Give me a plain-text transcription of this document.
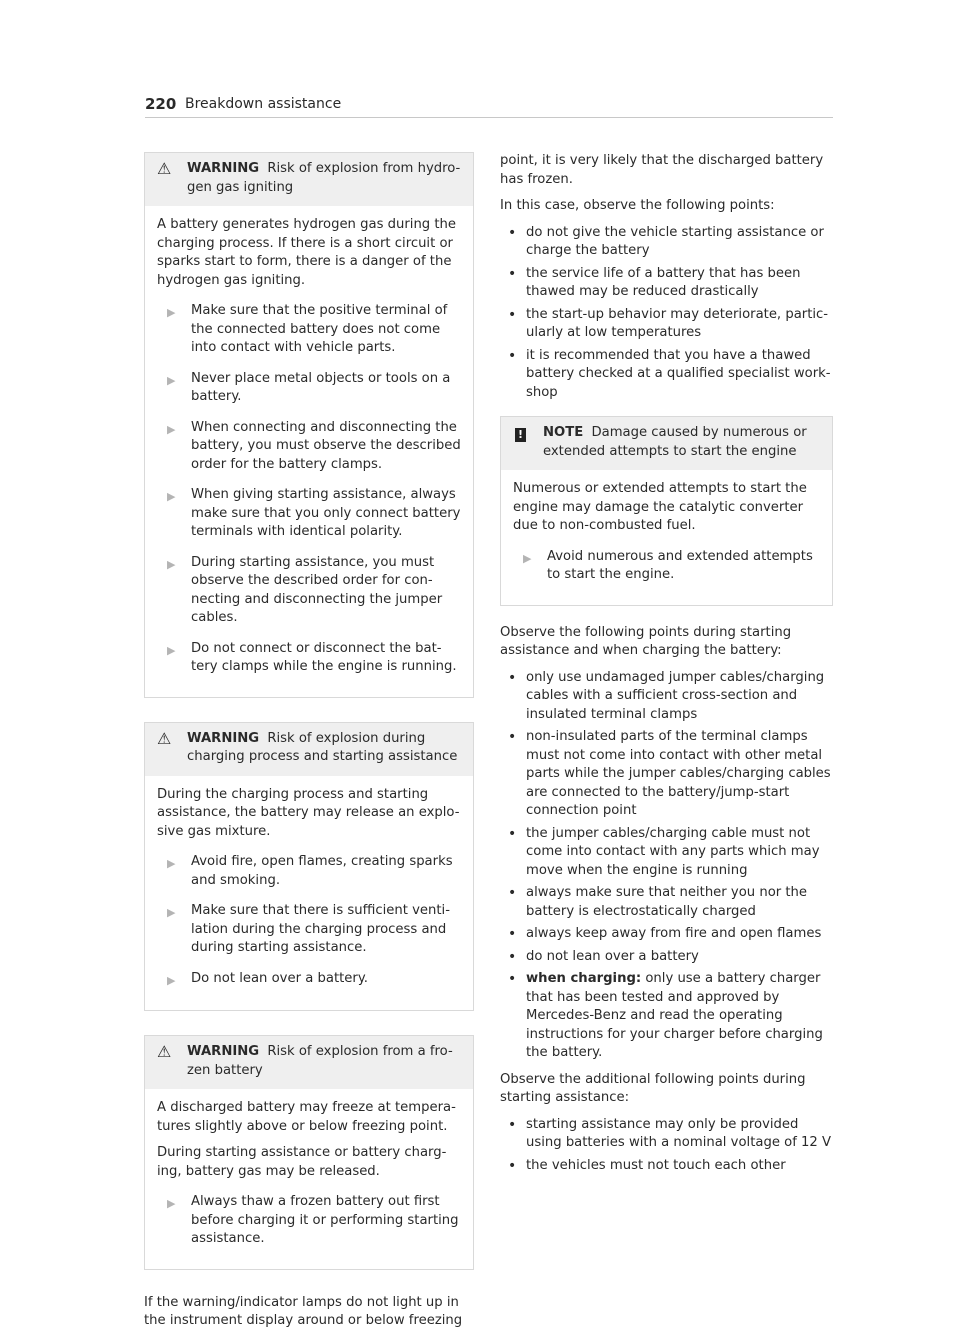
220 Breakdown assistance
⚠	WARNING Risk of explosion from hydro-gen gas igniting

A battery generates hydrogen gas during the charging process. If there is a short circuit or sparks start to form, there is a danger of the hydrogen gas igniting.

▶	Make sure that the positive terminal of the connected battery does not come into contact with vehicle parts.
▶	Never place metal objects or tools on a battery.
▶	When connecting and disconnecting the battery, you must observe the described order for the battery clamps.
▶	When giving starting assistance, always make sure that you only connect battery terminals with identical polarity.
▶	During starting assistance, you must observe the described order for con-necting and disconnecting the jumper cables.
▶	Do not connect or disconnect the bat-tery clamps while the engine is running.
⚠	WARNING Risk of explosion during charging process and starting assistance

During the charging process and starting assistance, the battery may release an explo-sive gas mixture.

▶	Avoid fire, open flames, creating sparks and smoking.
▶	Make sure that there is sufficient venti-lation during the charging process and during starting assistance.
▶	Do not lean over a battery.
⚠	WARNING Risk of explosion from a fro-zen battery

A discharged battery may freeze at tempera-tures slightly above or below freezing point.

During starting assistance or battery charg-ing, battery gas may be released.

▶	Always thaw a frozen battery out first before charging it or performing starting assistance.

If the warning/indicator lamps do not light up in the instrument display around or below freezing

point, it is very likely that the discharged battery has frozen.

In this case, observe the following points:

• do not give the vehicle starting assistance or charge the battery
• the service life of a battery that has been thawed may be reduced drastically
• the start-up behavior may deteriorate, partic-ularly at low temperatures
• it is recommended that you have a thawed battery checked at a qualified specialist work-shop
!	NOTE Damage caused by numerous or extended attempts to start the engine

Numerous or extended attempts to start the engine may damage the catalytic converter due to non-combusted fuel.

▶	Avoid numerous and extended attempts to start the engine.

Observe the following points during starting assistance and when charging the battery:

• only use undamaged jumper cables/charging cables with a sufficient cross-section and insulated terminal clamps
• non-insulated parts of the terminal clamps must not come into contact with other metal parts while the jumper cables/charging cables are connected to the battery/jump-start connection point
• the jumper cables/charging cable must not come into contact with any parts which may move when the engine is running
• always make sure that neither you nor the battery is electrostatically charged
• always keep away from fire and open flames
• do not lean over a battery
• when charging: only use a battery charger that has been tested and approved by Mercedes-Benz and read the operating instructions for your charger before charging the battery.

Observe the additional following points during starting assistance:

• starting assistance may only be provided using batteries with a nominal voltage of 12 V
• the vehicles must not touch each other
